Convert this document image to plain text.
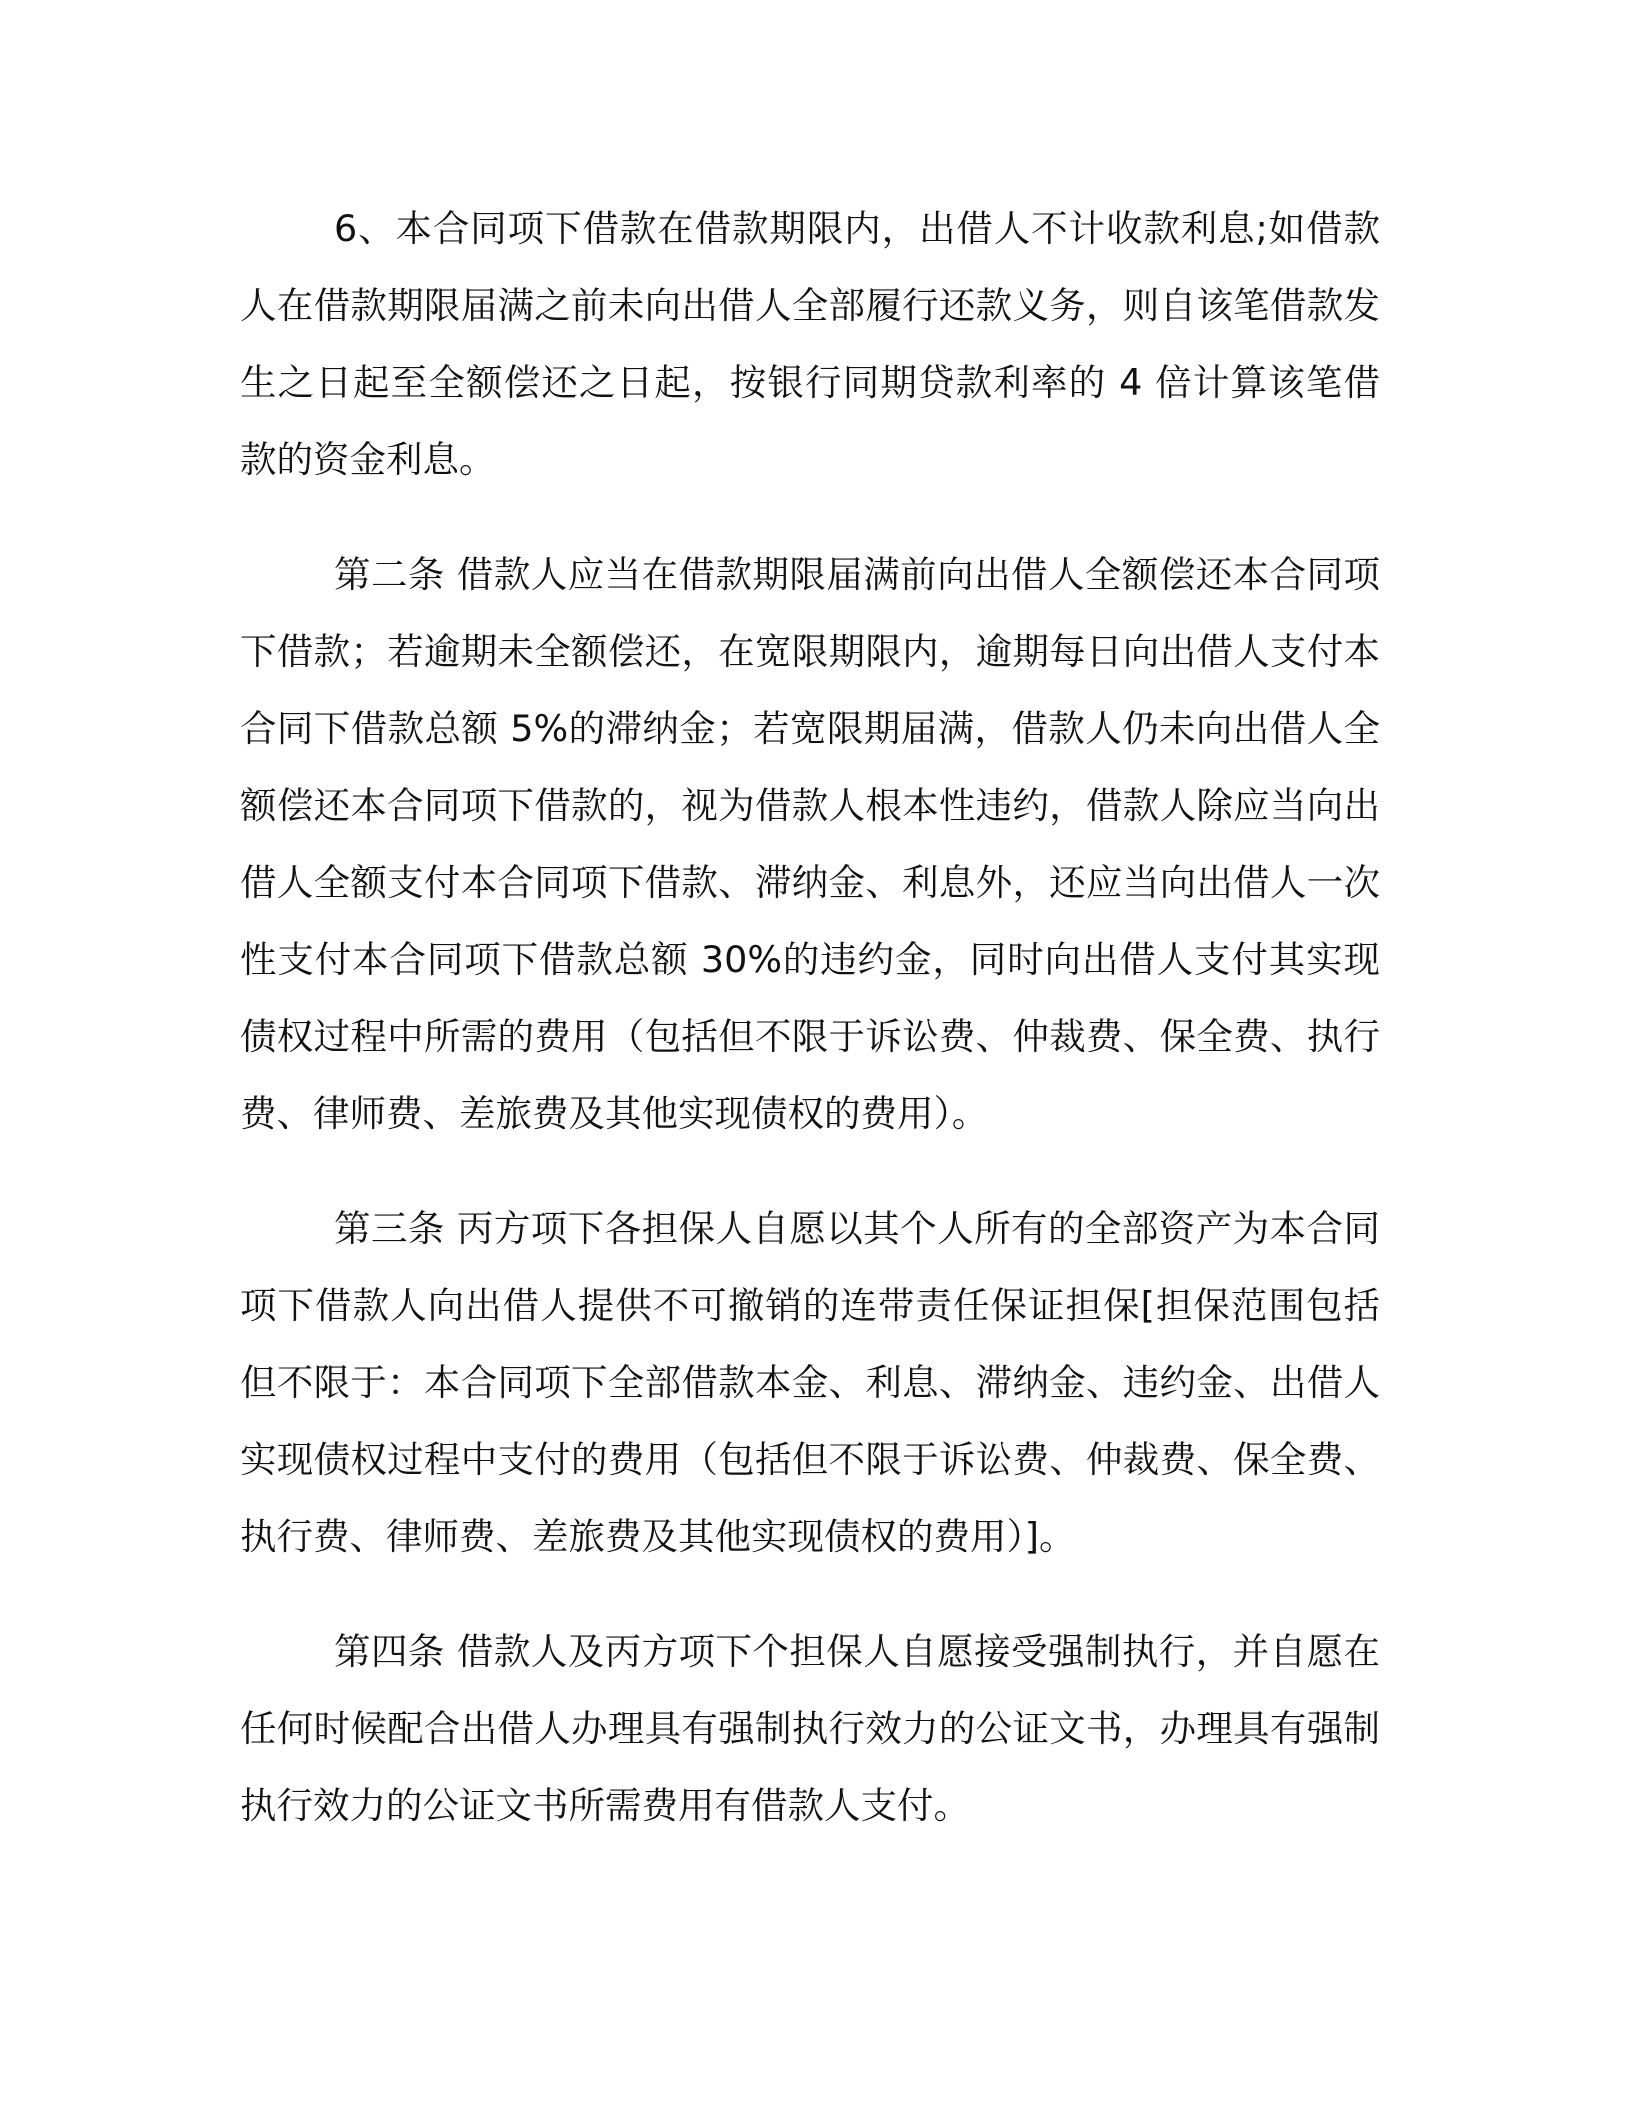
6、本合同项下借款在借款期限内，出借人不计收款利息;如借款人在借款期限届满之前未向出借人全部履行还款义务，则自该笔借款发生之日起至全额偿还之日起，按银行同期贷款利率的 4 倍计算该笔借款的资金利息。

第二条 借款人应当在借款期限届满前向出借人全额偿还本合同项下借款；若逾期未全额偿还，在宽限期限内，逾期每日向出借人支付本合同下借款总额 5%的滞纳金；若宽限期届满，借款人仍未向出借人全额偿还本合同项下借款的，视为借款人根本性违约，借款人除应当向出借人全额支付本合同项下借款、滞纳金、利息外，还应当向出借人一次性支付本合同项下借款总额 30%的违约金，同时向出借人支付其实现债权过程中所需的费用（包括但不限于诉讼费、仲裁费、保全费、执行费、律师费、差旅费及其他实现债权的费用）。

第三条 丙方项下各担保人自愿以其个人所有的全部资产为本合同项下借款人向出借人提供不可撤销的连带责任保证担保[担保范围包括但不限于：本合同项下全部借款本金、利息、滞纳金、违约金、出借人实现债权过程中支付的费用（包括但不限于诉讼费、仲裁费、保全费、执行费、律师费、差旅费及其他实现债权的费用）]。

第四条 借款人及丙方项下个担保人自愿接受强制执行，并自愿在任何时候配合出借人办理具有强制执行效力的公证文书，办理具有强制执行效力的公证文书所需费用有借款人支付。
